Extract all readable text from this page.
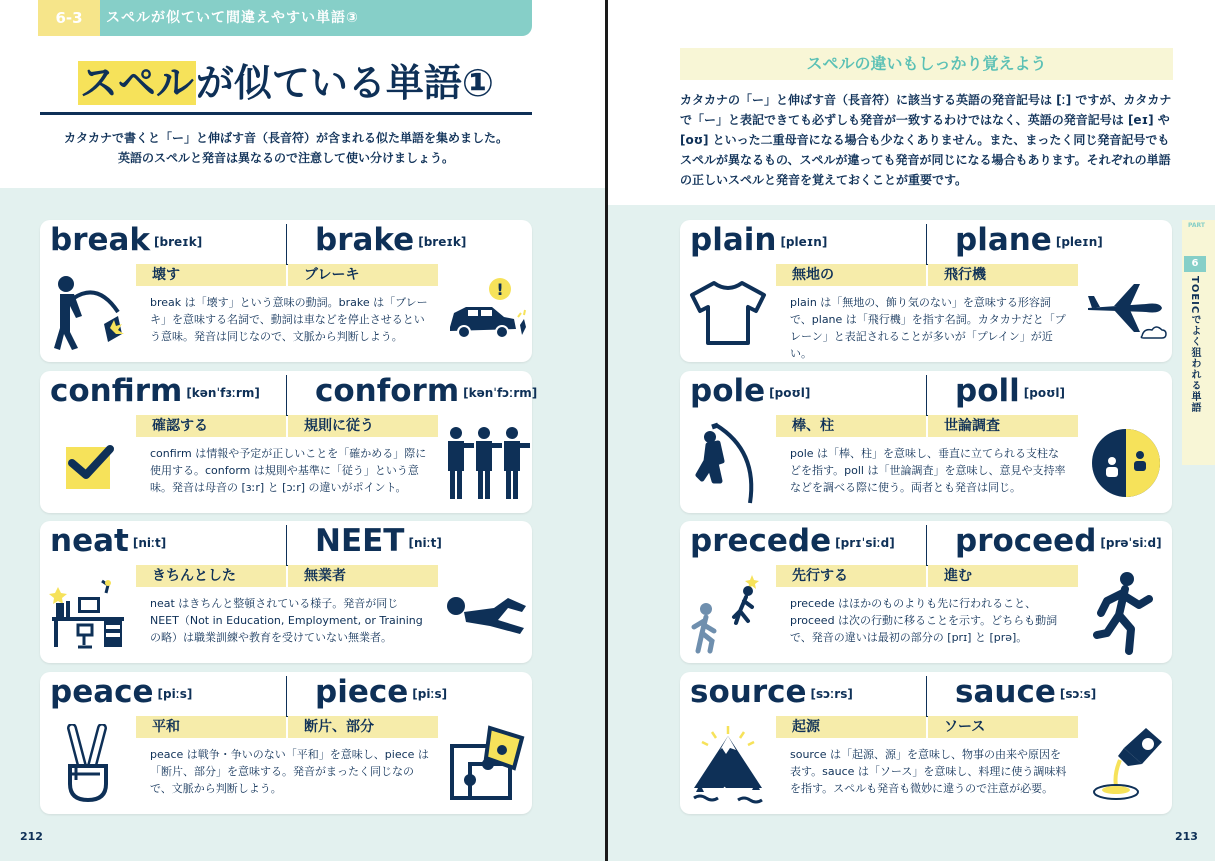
6-3	スペルが似ていて間違えやすい単語③
スペルが似ている単語①
カタカナで書くと「ー」と伸ばす音（長音符）が含まれる似た単語を集めました。
英語のスペルと発音は異なるので注意して使い分けましょう。
break [breɪk]	brake [breɪk]
壊す	ブレーキ
break は「壊す」という意味の動詞。brake は「ブレーキ」を意味する名詞で、動詞は車などを停止させるという意味。発音は同じなので、文脈から判断しよう。
!
confirm [kənˈfɜːrm] conform [kənˈfɔːrm]
確認する	規則に従う
confirm は情報や予定が正しいことを「確かめる」際に使用する。conform は規則や基準に「従う」という意味。発音は母音の [ɜːr] と [ɔːr] の違いがポイント。
neat [niːt]	NEET [niːt]
きちんとした	無業者
neat はきちんと整頓されている様子。発音が同じ NEET（Not in Education, Employment, or Training の略）は職業訓練や教育を受けていない無業者。
peace [piːs]	piece [piːs]
平和	断片、部分
peace は戦争・争いのない「平和」を意味し、piece は「断片、部分」を意味する。発音がまったく同じなので、文脈から判断しよう。
212
スペルの違いもしっかり覚えよう
カタカナの「ー」と伸ばす音（長音符）に該当する英語の発音記号は [ː] ですが、カタカナで「ー」と表記できても必ずしも発音が一致するわけではなく、英語の発音記号は [eɪ] や [oʊ] といった二重母音になる場合も少なくありません。また、まったく同じ発音記号でもスペルが異なるもの、スペルが違っても発音が同じになる場合もあります。それぞれの単語の正しいスペルと発音を覚えておくことが重要です。
plain [pleɪn]	plane [pleɪn]
無地の	飛行機
plain は「無地の、飾り気のない」を意味する形容詞で、plane は「飛行機」を指す名詞。カタカナだと「プレーン」と表記されることが多いが「プレイン」が近い。
pole [poʊl]	poll [poʊl]
棒、柱	世論調査
pole は「棒、柱」を意味し、垂直に立てられる支柱などを指す。poll は「世論調査」を意味し、意見や支持率などを調べる際に使う。両者とも発音は同じ。
precede [prɪˈsiːd] proceed [prəˈsiːd]
先行する	進む
precede はほかのものよりも先に行われること、proceed は次の行動に移ることを示す。どちらも動詞で、発音の違いは最初の部分の [prɪ] と [prə]。
source [sɔːrs]	sauce [sɔːs]
起源	ソース
source は「起源、源」を意味し、物事の由来や原因を表す。sauce は「ソース」を意味し、料理に使う調味料を指す。スペルも発音も微妙に違うので注意が必要。
PART
6
TOEICでよく狙われる単語
213
